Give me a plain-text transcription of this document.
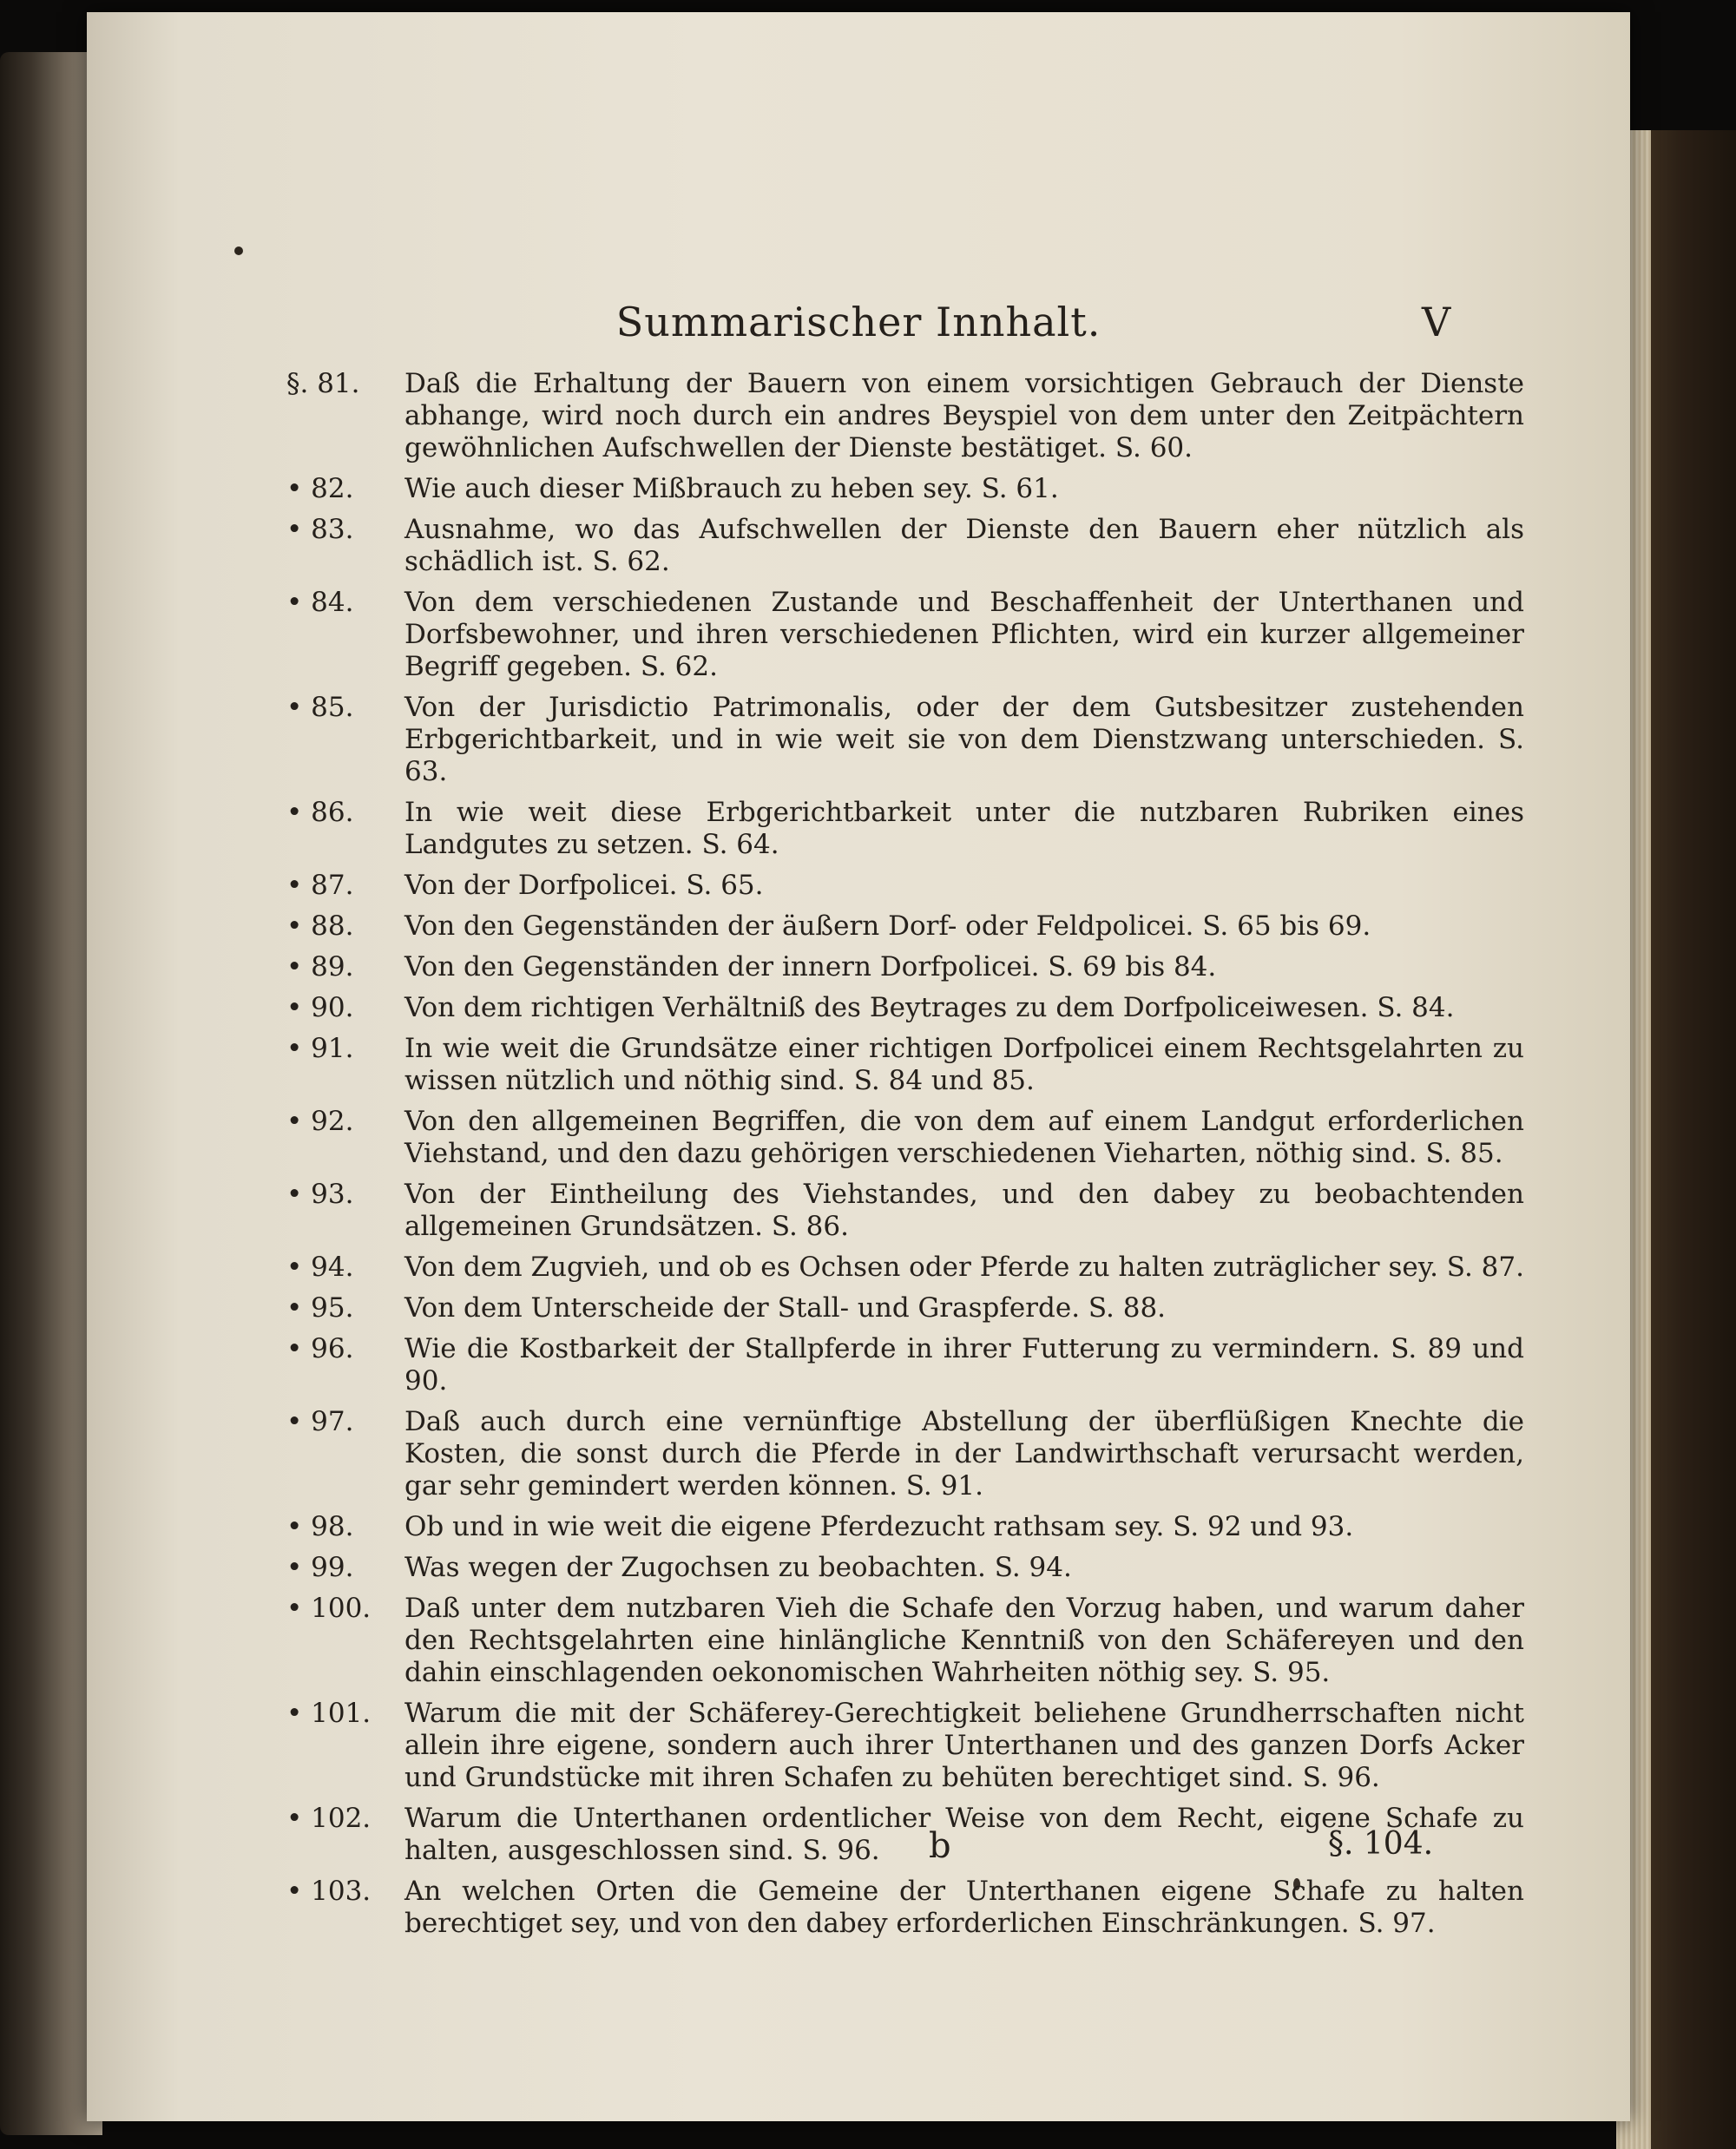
Summarischer Innhalt.	V
§. 81.	Daß die Erhaltung der Bauern von einem vorsichtigen Gebrauch der Dienste abhange, wird noch durch ein andres Beyspiel von dem unter den Zeitpächtern gewöhnlichen Aufschwellen der Dienste bestätiget. S. 60.
• 82.	Wie auch dieser Mißbrauch zu heben sey. S. 61.
• 83.	Ausnahme, wo das Aufschwellen der Dienste den Bauern eher nützlich als schädlich ist. S. 62.
• 84.	Von dem verschiedenen Zustande und Beschaffenheit der Unterthanen und Dorfsbewohner, und ihren verschiedenen Pflichten, wird ein kurzer allgemeiner Begriff gegeben. S. 62.
• 85.	Von der Jurisdictio Patrimonalis, oder der dem Gutsbesitzer zustehenden Erbgerichtbarkeit, und in wie weit sie von dem Dienstzwang unterschieden. S. 63.
• 86.	In wie weit diese Erbgerichtbarkeit unter die nutzbaren Rubriken eines Landgutes zu setzen. S. 64.
• 87.	Von der Dorfpolicei. S. 65.
• 88.	Von den Gegenständen der äußern Dorf- oder Feldpolicei. S. 65 bis 69.
• 89.	Von den Gegenständen der innern Dorfpolicei. S. 69 bis 84.
• 90.	Von dem richtigen Verhältniß des Beytrages zu dem Dorfpoliceiwesen. S. 84.
• 91.	In wie weit die Grundsätze einer richtigen Dorfpolicei einem Rechtsgelahrten zu wissen nützlich und nöthig sind. S. 84 und 85.
• 92.	Von den allgemeinen Begriffen, die von dem auf einem Landgut erforderlichen Viehstand, und den dazu gehörigen verschiedenen Vieharten, nöthig sind. S. 85.
• 93.	Von der Eintheilung des Viehstandes, und den dabey zu beobachtenden allgemeinen Grundsätzen. S. 86.
• 94.	Von dem Zugvieh, und ob es Ochsen oder Pferde zu halten zuträglicher sey. S. 87.
• 95.	Von dem Unterscheide der Stall- und Graspferde. S. 88.
• 96.	Wie die Kostbarkeit der Stallpferde in ihrer Futterung zu vermindern. S. 89 und 90.
• 97.	Daß auch durch eine vernünftige Abstellung der überflüßigen Knechte die Kosten, die sonst durch die Pferde in der Landwirthschaft verursacht werden, gar sehr gemindert werden können. S. 91.
• 98.	Ob und in wie weit die eigene Pferdezucht rathsam sey. S. 92 und 93.
• 99.	Was wegen der Zugochsen zu beobachten. S. 94.
• 100.	Daß unter dem nutzbaren Vieh die Schafe den Vorzug haben, und warum daher den Rechtsgelahrten eine hinlängliche Kenntniß von den Schäfereyen und den dahin einschlagenden oekonomischen Wahrheiten nöthig sey. S. 95.
• 101.	Warum die mit der Schäferey-Gerechtigkeit beliehene Grundherrschaften nicht allein ihre eigene, sondern auch ihrer Unterthanen und des ganzen Dorfs Acker und Grundstücke mit ihren Schafen zu behüten berechtiget sind. S. 96.
• 102.	Warum die Unterthanen ordentlicher Weise von dem Recht, eigene Schafe zu halten, ausgeschlossen sind. S. 96.
• 103.	An welchen Orten die Gemeine der Unterthanen eigene Schafe zu halten berechtiget sey, und von den dabey erforderlichen Einschränkungen. S. 97.
b	§. 104.
